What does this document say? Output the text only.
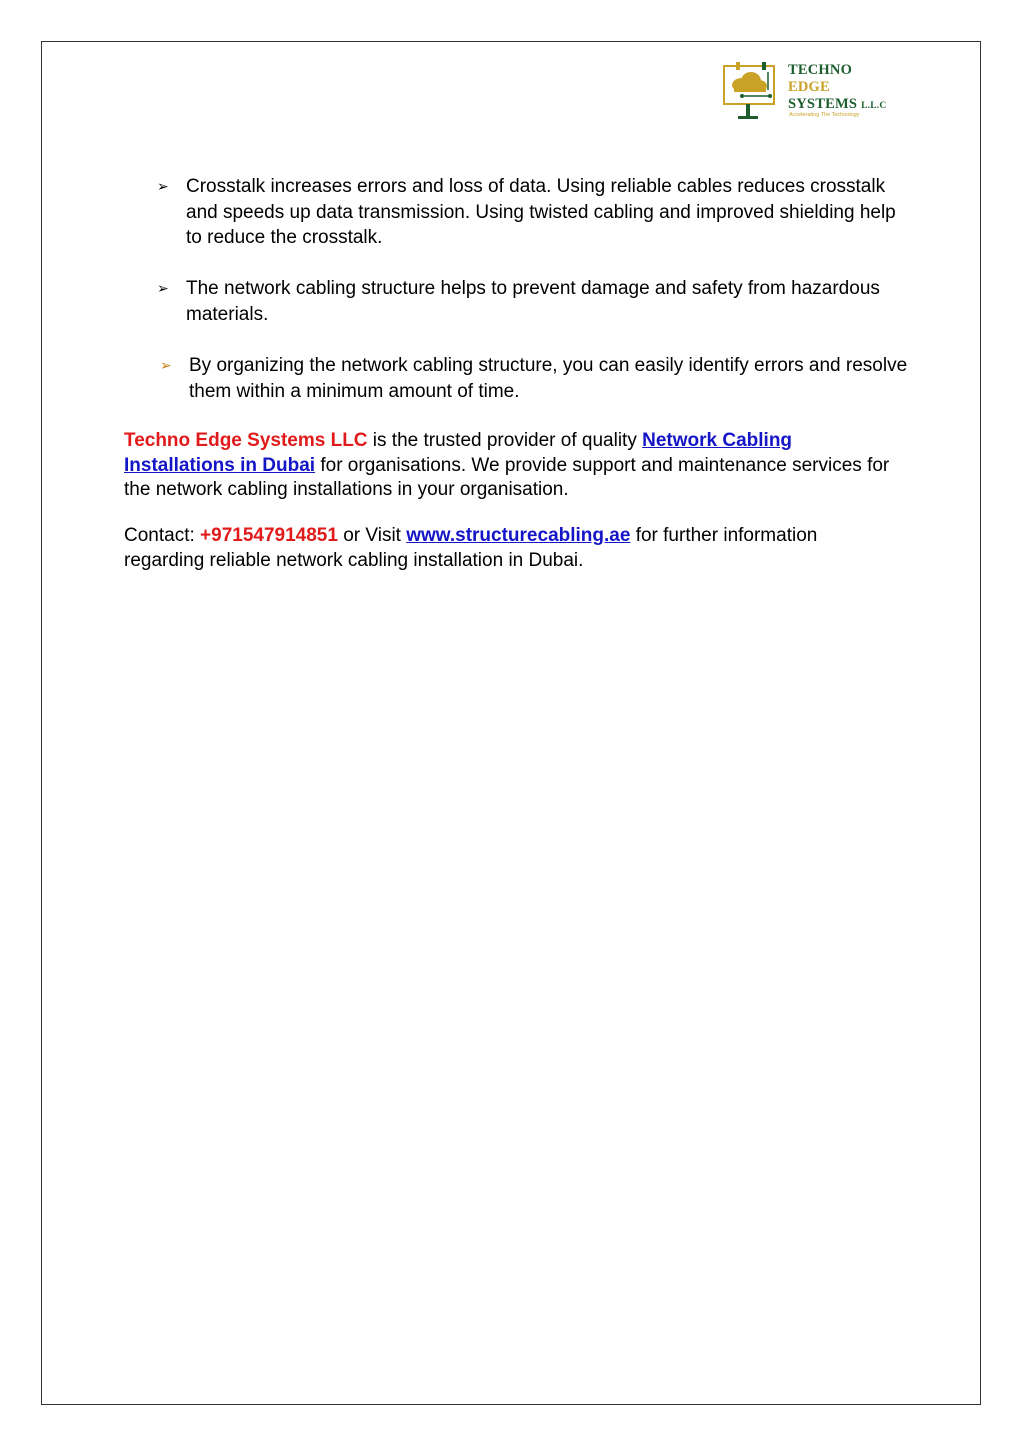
TECHNO
EDGE
SYSTEMS L.L.C
Accelerating The Technology
➢ Crosstalk increases errors and loss of data. Using reliable cables reduces crosstalk and speeds up data transmission. Using twisted cabling and improved shielding help to reduce the crosstalk.
➢ The network cabling structure helps to prevent damage and safety from hazardous materials.
➢ By organizing the network cabling structure, you can easily identify errors and resolve them within a minimum amount of time.
Techno Edge Systems LLC is the trusted provider of quality Network Cabling Installations in Dubai for organisations. We provide support and maintenance services for the network cabling installations in your organisation.
Contact: +971547914851 or Visit www.structurecabling.ae for further information regarding reliable network cabling installation in Dubai.
